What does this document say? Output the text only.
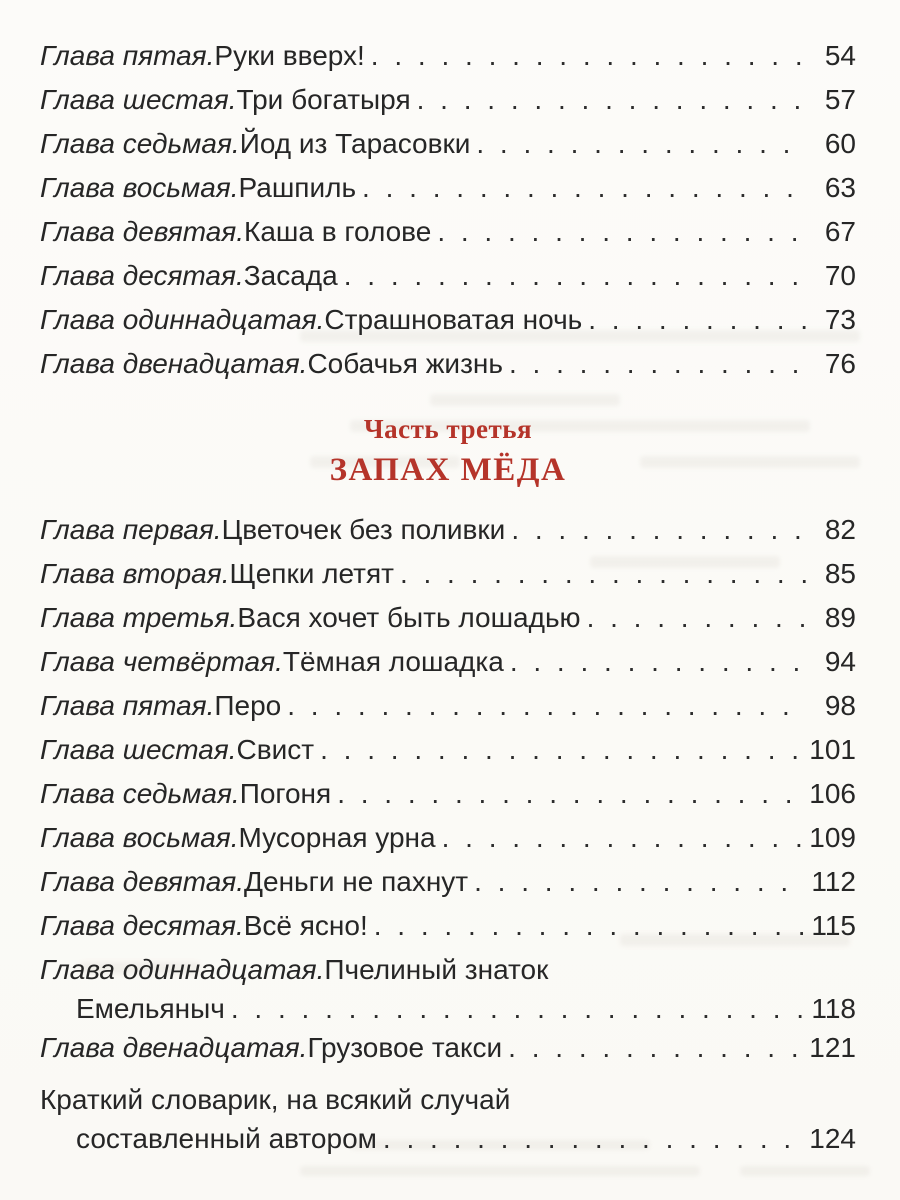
Глава пятая. Руки вверх! . . .	54
Глава шестая. Три богатыря . . .	57
Глава седьмая. Йод из Тарасовки . . .	60
Глава восьмая. Рашпиль . . .	63
Глава девятая. Каша в голове . . .	67
Глава десятая. Засада . . .	70
Глава одиннадцатая. Страшноватая ночь . . .	73
Глава двенадцатая. Собачья жизнь . . .	76
Часть третья
ЗАПАХ МЁДА
Глава первая. Цветочек без поливки . . .	82
Глава вторая. Щепки летят . . .	85
Глава третья. Вася хочет быть лошадью . . .	89
Глава четвёртая. Тёмная лошадка . . .	94
Глава пятая. Перо . . .	98
Глава шестая. Свист . . .	101
Глава седьмая. Погоня . . .	106
Глава восьмая. Мусорная урна . . .	109
Глава девятая. Деньги не пахнут . . .	112
Глава десятая. Всё ясно! . . .	115
Глава одиннадцатая. Пчелиный знаток
Емельяныч . . .	118
Глава двенадцатая. Грузовое такси . . .	121
Краткий словарик, на всякий случай
составленный автором . . .	124
